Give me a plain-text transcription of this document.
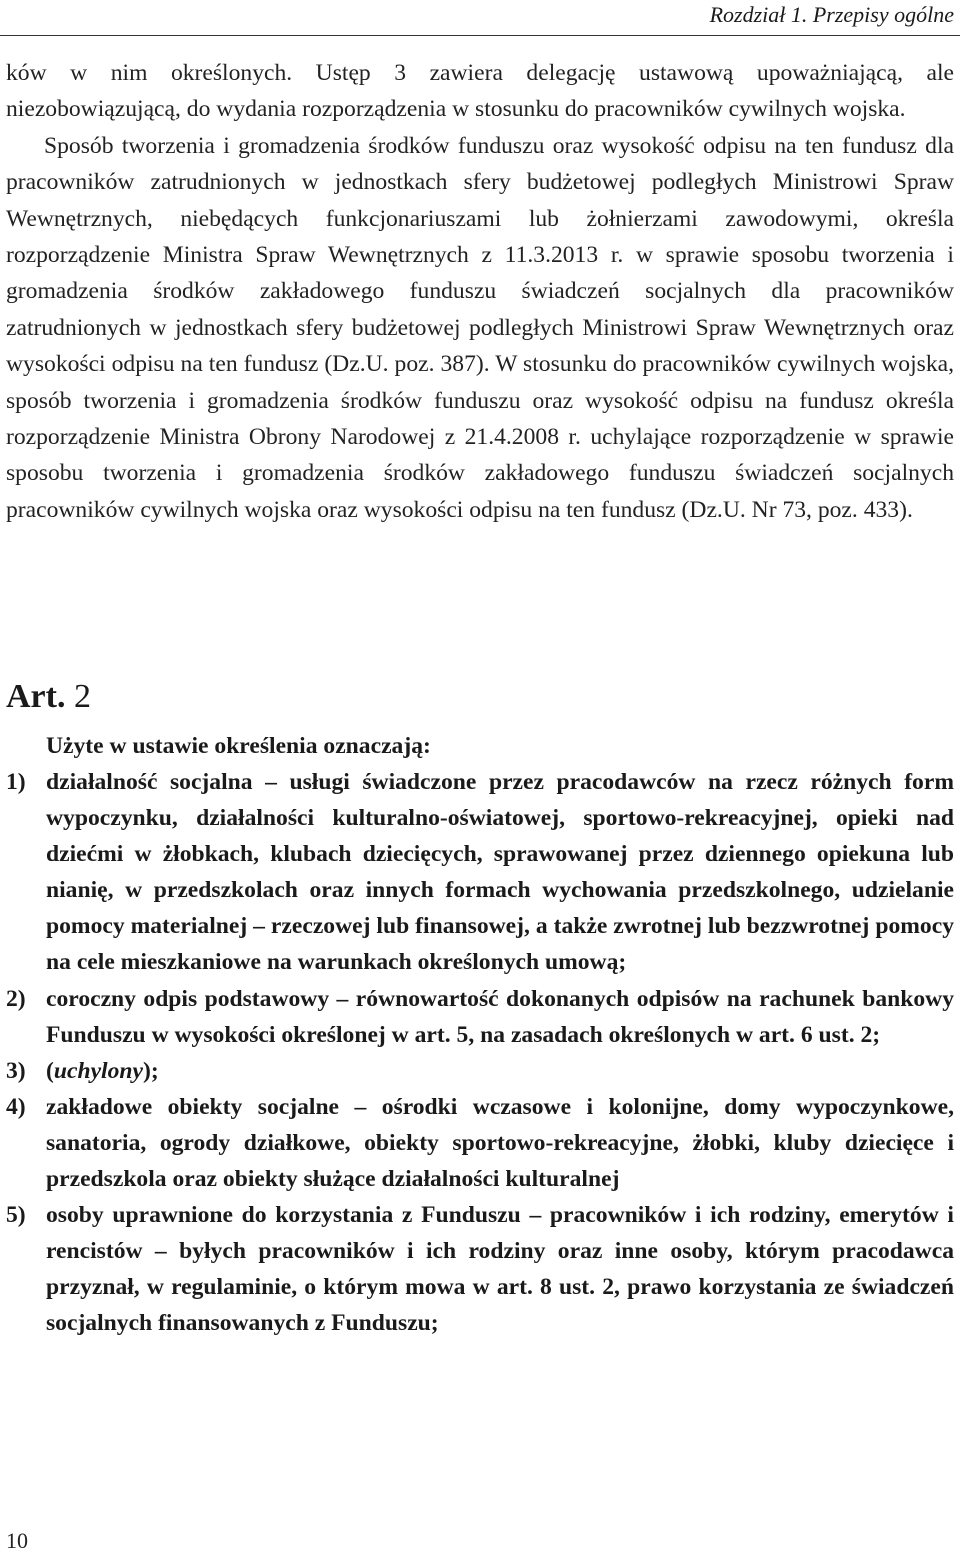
Rozdział 1. Przepisy ogólne

ków w nim określonych. Ustęp 3 zawiera delegację ustawową upoważniającą, ale niezobowiązującą, do wydania rozporządzenia w stosunku do pracowników cywilnych wojska.

Sposób tworzenia i gromadzenia środków funduszu oraz wysokość odpisu na ten fundusz dla pracowników zatrudnionych w jednostkach sfery budżetowej podległych Ministrowi Spraw Wewnętrznych, niebędących funkcjonariuszami lub żołnierzami zawodowymi, określa rozporządzenie Ministra Spraw Wewnętrznych z 11.3.2013 r. w sprawie sposobu tworzenia i gromadzenia środków zakładowego funduszu świadczeń socjalnych dla pracowników zatrudnionych w jednostkach sfery budżetowej podległych Ministrowi Spraw Wewnętrznych oraz wysokości odpisu na ten fundusz (Dz.U. poz. 387). W stosunku do pracowników cywilnych wojska, sposób tworzenia i gromadzenia środków funduszu oraz wysokość odpisu na fundusz określa rozporządzenie Ministra Obrony Narodowej z 21.4.2008 r. uchylające rozporządzenie w sprawie sposobu tworzenia i gromadzenia środków zakładowego funduszu świadczeń socjalnych pracowników cywilnych wojska oraz wysokości odpisu na ten fundusz (Dz.U. Nr 73, poz. 433).

Art. 2
Użyte w ustawie określenia oznaczają:
1) działalność socjalna – usługi świadczone przez pracodawców na rzecz różnych form wypoczynku, działalności kulturalno-oświatowej, sportowo-rekreacyjnej, opieki nad dziećmi w żłobkach, klubach dziecięcych, sprawowanej przez dziennego opiekuna lub nianię, w przedszkolach oraz innych formach wychowania przedszkolnego, udzielanie pomocy materialnej – rzeczowej lub finansowej, a także zwrotnej lub bezzwrotnej pomocy na cele mieszkaniowe na warunkach określonych umową;
2) coroczny odpis podstawowy – równowartość dokonanych odpisów na rachunek bankowy Funduszu w wysokości określonej w art. 5, na zasadach określonych w art. 6 ust. 2;
3) (uchylony);
4) zakładowe obiekty socjalne – ośrodki wczasowe i kolonijne, domy wypoczynkowe, sanatoria, ogrody działkowe, obiekty sportowo-rekreacyjne, żłobki, kluby dziecięce i przedszkola oraz obiekty służące działalności kulturalnej
5) osoby uprawnione do korzystania z Funduszu – pracowników i ich rodziny, emerytów i rencistów – byłych pracowników i ich rodziny oraz inne osoby, którym pracodawca przyznał, w regulaminie, o którym mowa w art. 8 ust. 2, prawo korzystania ze świadczeń socjalnych finansowanych z Funduszu;
10
